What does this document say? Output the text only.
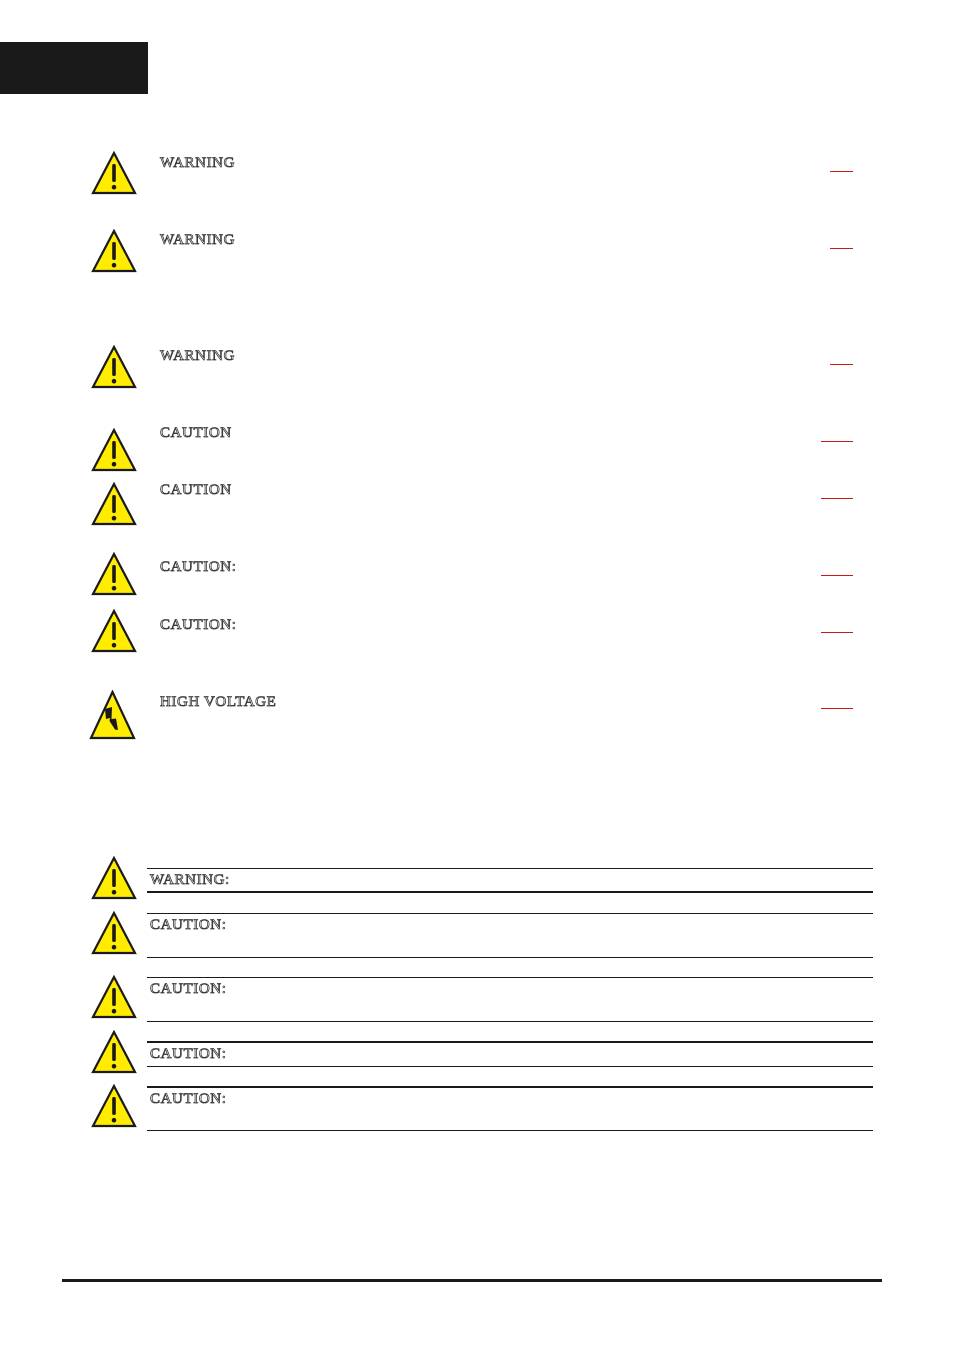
WARNING
WARNING
WARNING
CAUTION
CAUTION
CAUTION:
CAUTION:
HIGH VOLTAGE
WARNING:
CAUTION:
CAUTION:
CAUTION:
CAUTION:
